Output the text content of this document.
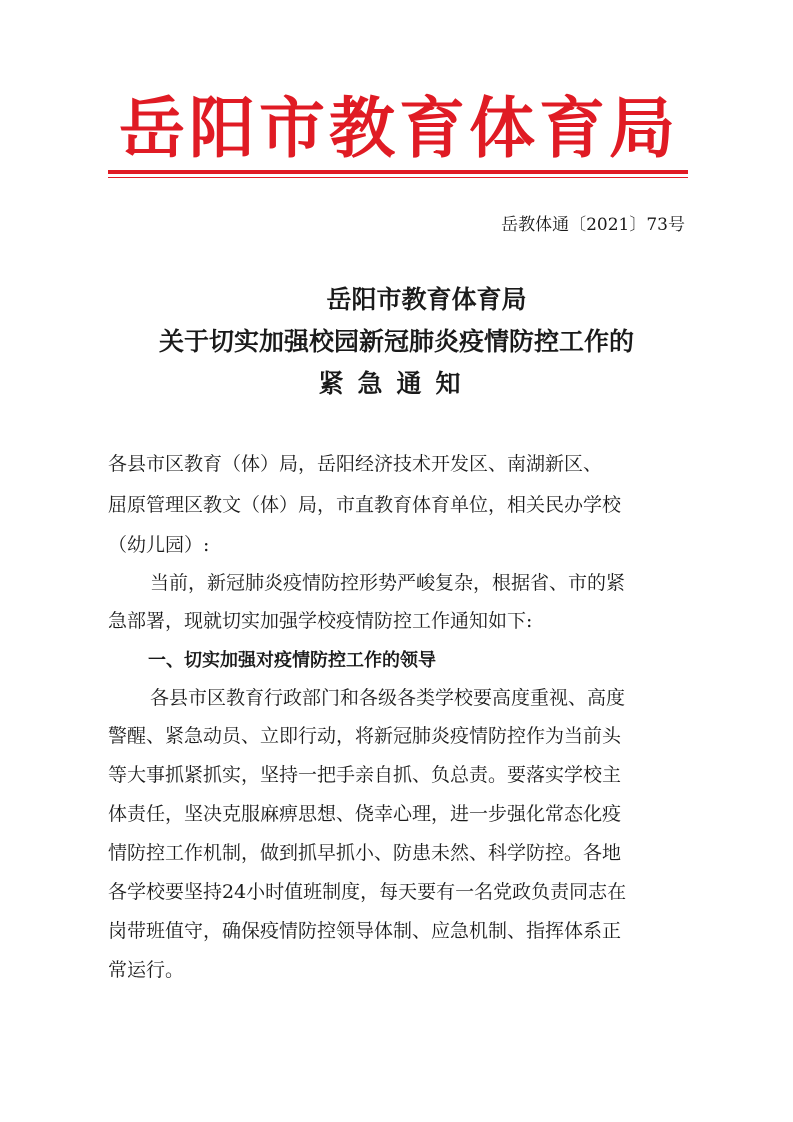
岳阳市教育体育局
岳教体通〔2021〕73号
岳阳市教育体育局
关于切实加强校园新冠肺炎疫情防控工作的
紧急通知
各县市区教育（体）局，岳阳经济技术开发区、南湖新区、
屈原管理区教文（体）局，市直教育体育单位，相关民办学校
（幼儿园）:
当前，新冠肺炎疫情防控形势严峻复杂，根据省、市的紧
急部署，现就切实加强学校疫情防控工作通知如下:
一、切实加强对疫情防控工作的领导
各县市区教育行政部门和各级各类学校要高度重视、高度
警醒、紧急动员、立即行动，将新冠肺炎疫情防控作为当前头
等大事抓紧抓实，坚持一把手亲自抓、负总责。要落实学校主
体责任，坚决克服麻痹思想、侥幸心理，进一步强化常态化疫
情防控工作机制，做到抓早抓小、防患未然、科学防控。各地
各学校要坚持24小时值班制度，每天要有一名党政负责同志在
岗带班值守，确保疫情防控领导体制、应急机制、指挥体系正
常运行。
